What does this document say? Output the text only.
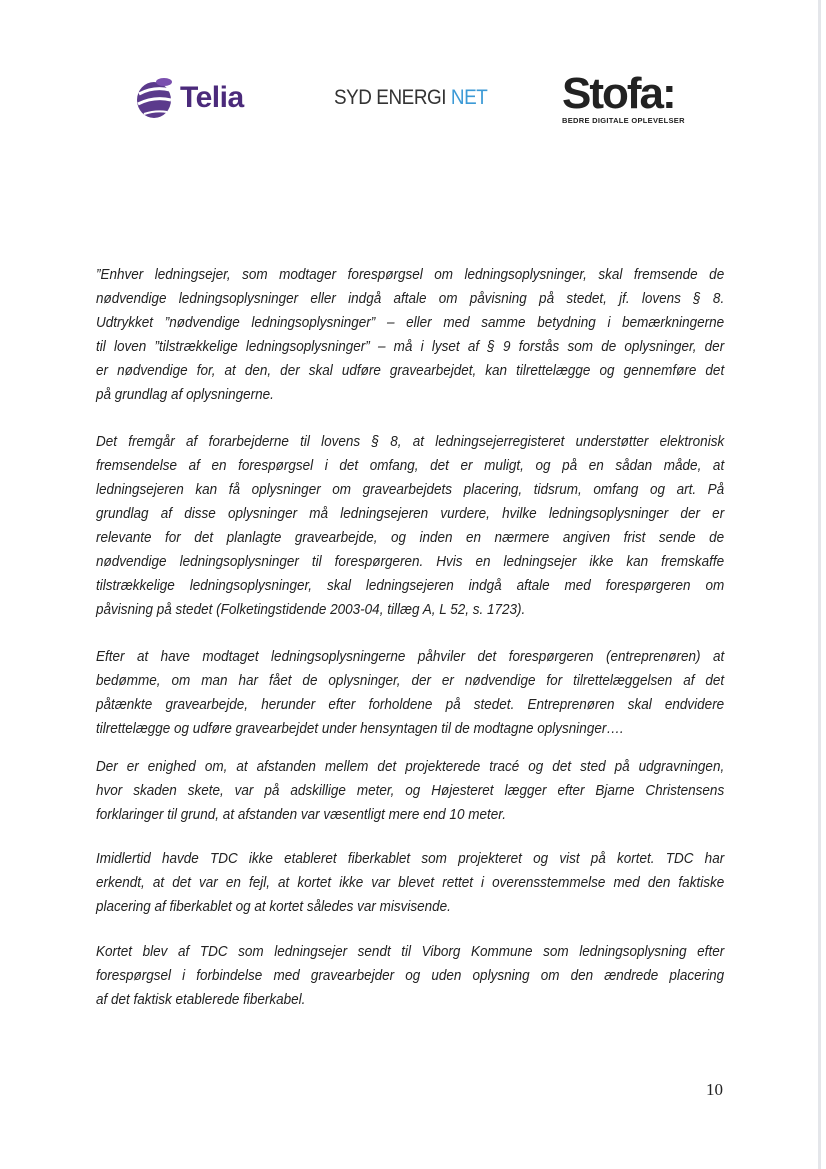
Telia	SYD ENERGI NET Stofa:
BEDRE DIGITALE OPLEVELSER
”Enhver ledningsejer, som modtager forespørgsel om ledningsoplysninger, skal fremsende de
nødvendige ledningsoplysninger eller indgå aftale om påvisning på stedet, jf. lovens § 8.
Udtrykket ”nødvendige ledningsoplysninger” – eller med samme betydning i bemærkningerne
til loven ”tilstrækkelige ledningsoplysninger” – må i lyset af § 9 forstås som de oplysninger, der
er nødvendige for, at den, der skal udføre gravearbejdet, kan tilrettelægge og gennemføre det
på grundlag af oplysningerne.
Det fremgår af forarbejderne til lovens § 8, at ledningsejerregisteret understøtter elektronisk
fremsendelse af en forespørgsel i det omfang, det er muligt, og på en sådan måde, at
ledningsejeren kan få oplysninger om gravearbejdets placering, tidsrum, omfang og art. På
grundlag af disse oplysninger må ledningsejeren vurdere, hvilke ledningsoplysninger der er
relevante for det planlagte gravearbejde, og inden en nærmere angiven frist sende de
nødvendige ledningsoplysninger til forespørgeren. Hvis en ledningsejer ikke kan fremskaffe
tilstrækkelige ledningsoplysninger, skal ledningsejeren indgå aftale med forespørgeren om
påvisning på stedet (Folketingstidende 2003-04, tillæg A, L 52, s. 1723).
Efter at have modtaget ledningsoplysningerne påhviler det forespørgeren (entreprenøren) at
bedømme, om man har fået de oplysninger, der er nødvendige for tilrettelæggelsen af det
påtænkte gravearbejde, herunder efter forholdene på stedet. Entreprenøren skal endvidere
tilrettelægge og udføre gravearbejdet under hensyntagen til de modtagne oplysninger….
Der er enighed om, at afstanden mellem det projekterede tracé og det sted på udgravningen,
hvor skaden skete, var på adskillige meter, og Højesteret lægger efter Bjarne Christensens
forklaringer til grund, at afstanden var væsentligt mere end 10 meter.
Imidlertid havde TDC ikke etableret fiberkablet som projekteret og vist på kortet. TDC har
erkendt, at det var en fejl, at kortet ikke var blevet rettet i overensstemmelse med den faktiske
placering af fiberkablet og at kortet således var misvisende.
Kortet blev af TDC som ledningsejer sendt til Viborg Kommune som ledningsoplysning efter
forespørgsel i forbindelse med gravearbejder og uden oplysning om den ændrede placering
af det faktisk etablerede fiberkabel.
10
